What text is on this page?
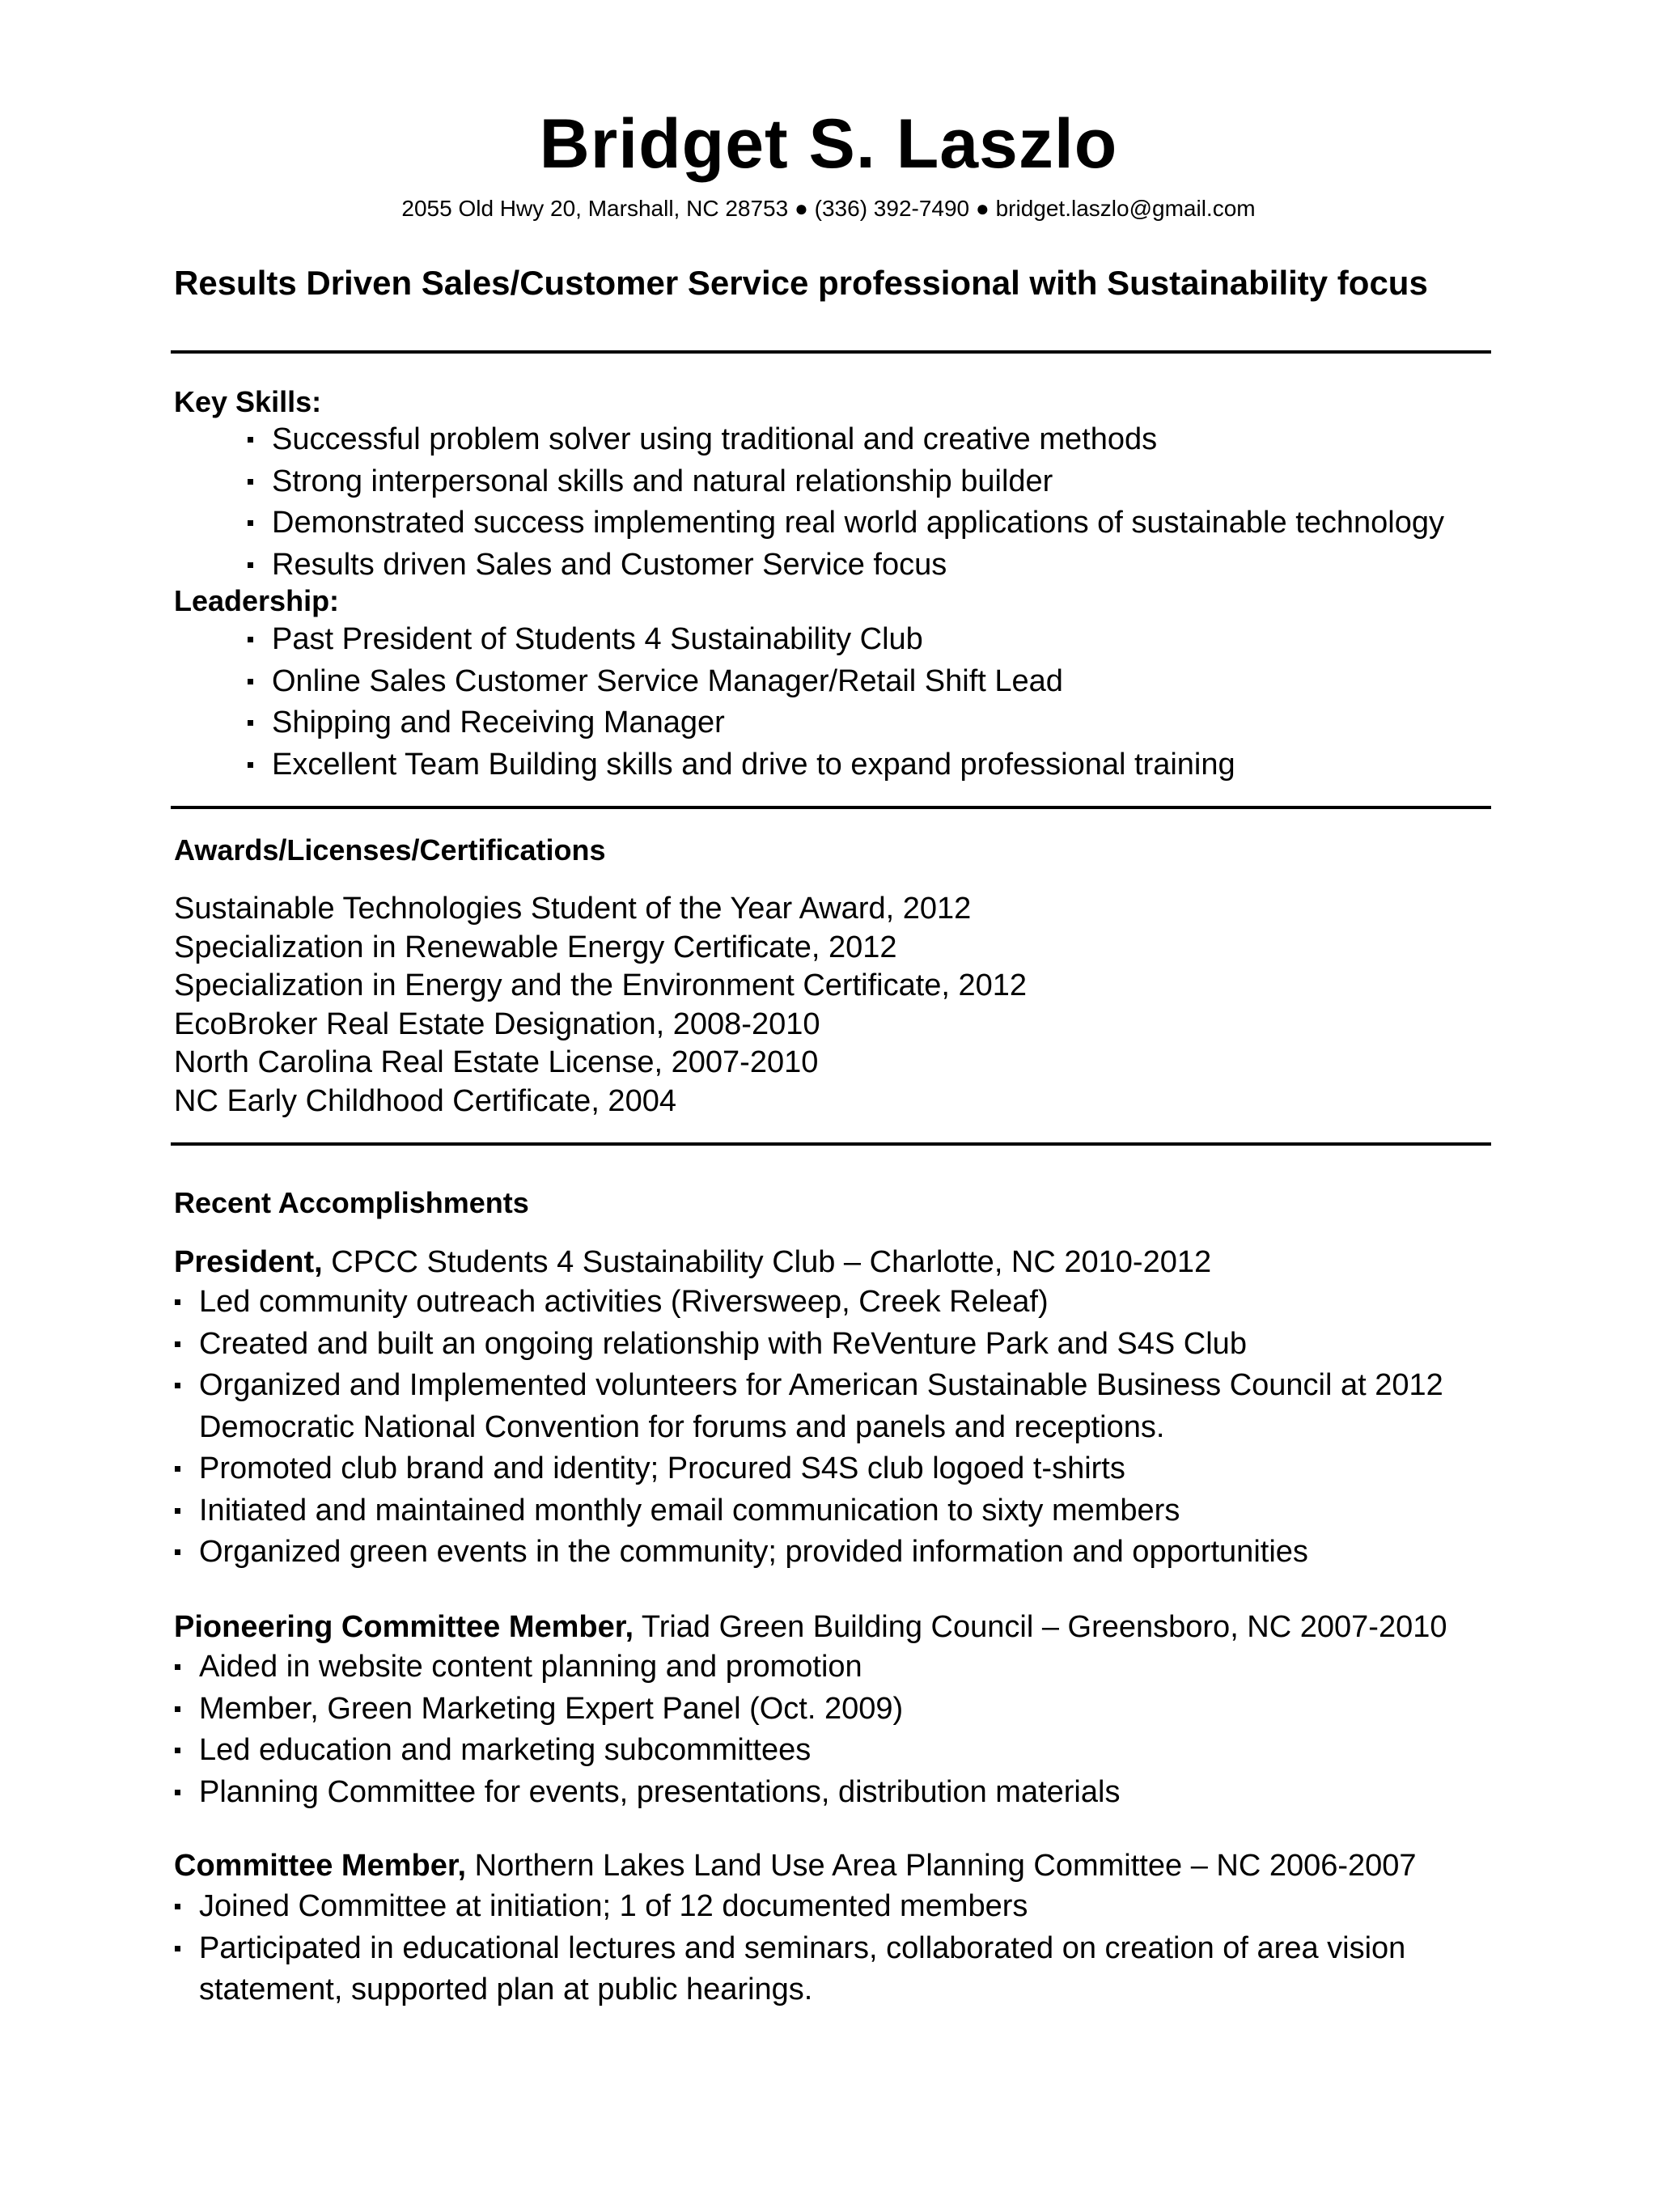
Bridget S. Laszlo
2055 Old Hwy 20, Marshall, NC 28753 ● (336) 392-7490 ● bridget.laszlo@gmail.com
Results Driven Sales/Customer Service professional with Sustainability focus
Key Skills:
Successful problem solver using traditional and creative methods
Strong interpersonal skills and natural relationship builder
Demonstrated success implementing real world applications of sustainable technology
Results driven Sales and Customer Service focus
Leadership:
Past President of Students 4 Sustainability Club
Online Sales Customer Service Manager/Retail Shift Lead
Shipping and Receiving Manager
Excellent Team Building skills and drive to expand professional training
Awards/Licenses/Certifications
Sustainable Technologies Student of the Year Award, 2012
Specialization in Renewable Energy Certificate, 2012
Specialization in Energy and the Environment Certificate, 2012
EcoBroker Real Estate Designation, 2008-2010
North Carolina Real Estate License, 2007-2010
NC Early Childhood Certificate, 2004
Recent Accomplishments
President, CPCC Students 4 Sustainability Club – Charlotte, NC 2010-2012
Led community outreach activities (Riversweep, Creek Releaf)
Created and built an ongoing relationship with ReVenture Park and S4S Club
Organized and Implemented volunteers for American Sustainable Business Council at 2012
Democratic National Convention for forums and panels and receptions.
Promoted club brand and identity; Procured S4S club logoed t-shirts
Initiated and maintained monthly email communication to sixty members
Organized green events in the community; provided information and opportunities
Pioneering Committee Member, Triad Green Building Council – Greensboro, NC 2007-2010
Aided in website content planning and promotion
Member, Green Marketing Expert Panel (Oct. 2009)
Led education and marketing subcommittees
Planning Committee for events, presentations, distribution materials
Committee Member, Northern Lakes Land Use Area Planning Committee – NC 2006-2007
Joined Committee at initiation; 1 of 12 documented members
Participated in educational lectures and seminars, collaborated on creation of area vision
statement, supported plan at public hearings.
